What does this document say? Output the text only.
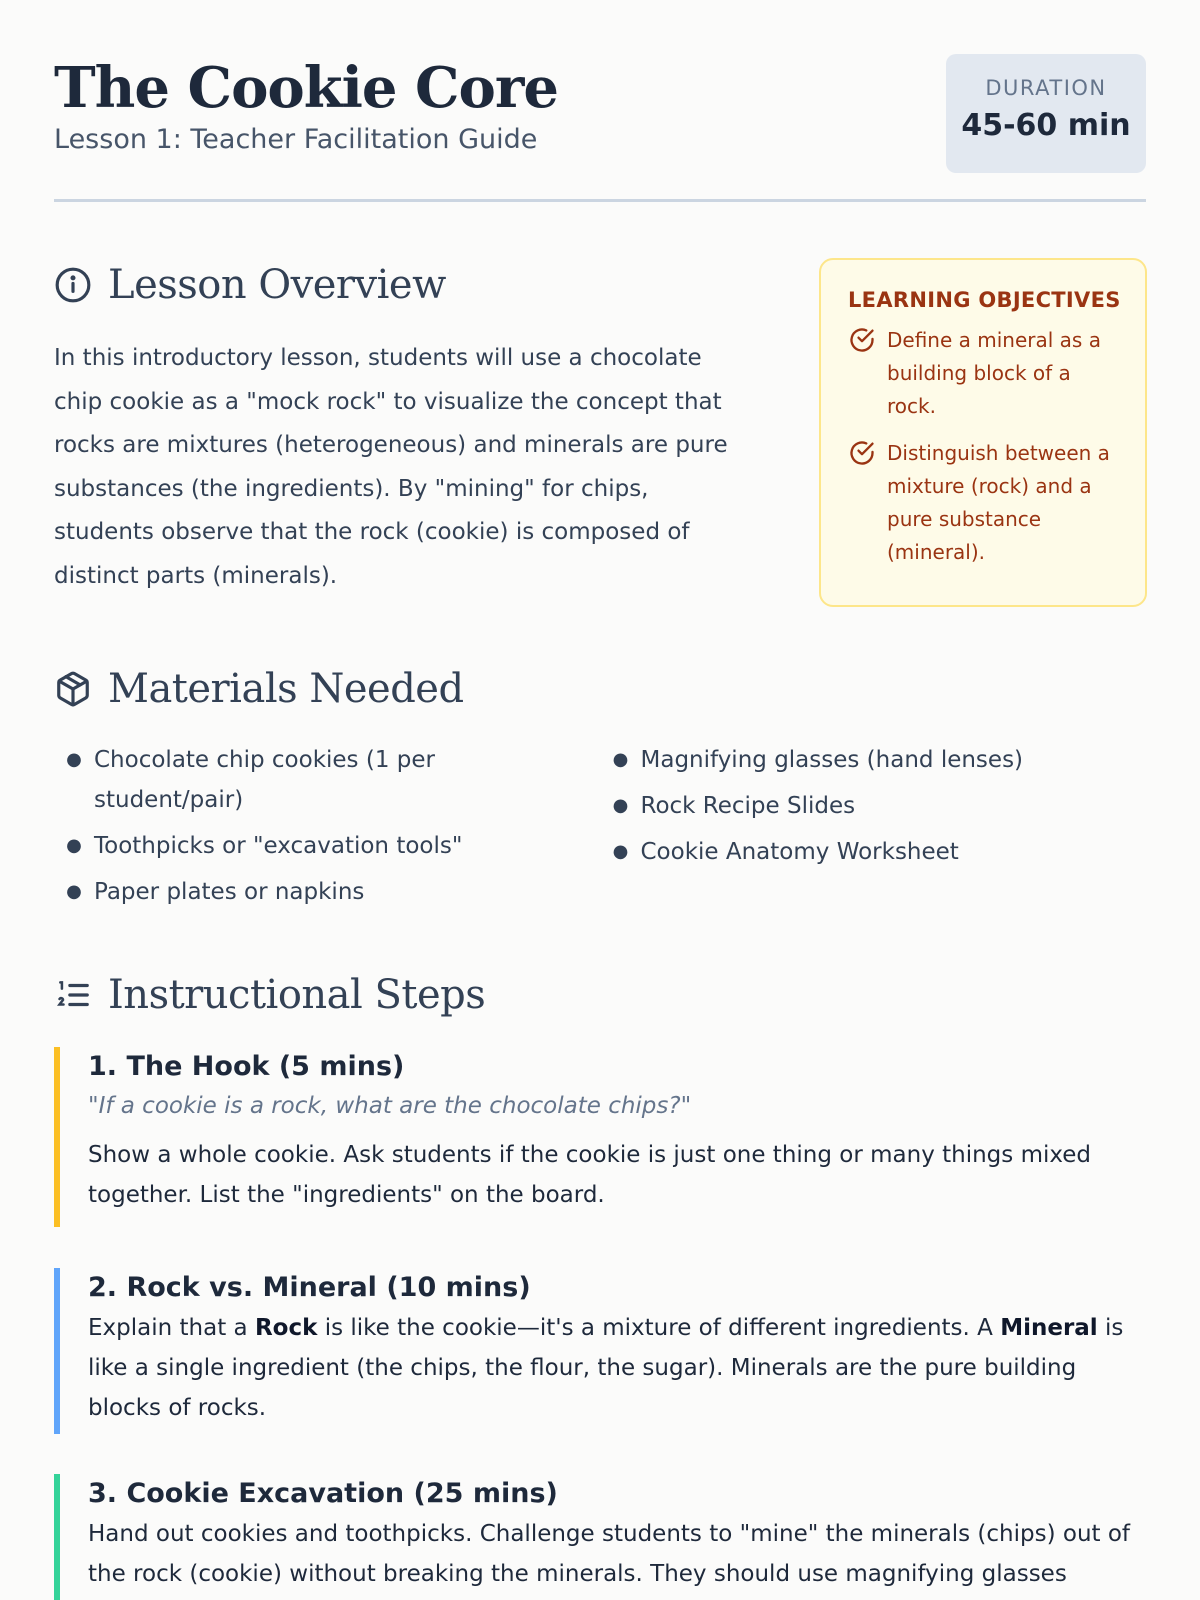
The Cookie Core
Lesson 1: Teacher Facilitation Guide
DURATION
45-60 min
Lesson Overview

In this introductory lesson, students will use a chocolate chip cookie as a "mock rock" to visualize the concept that rocks are mixtures (heterogeneous) and minerals are pure substances (the ingredients). By "mining" for chips, students observe that the rock (cookie) is composed of distinct parts (minerals).

LEARNING OBJECTIVES
Define a mineral as a building block of a rock.
Distinguish between a mixture (rock) and a pure substance (mineral).
Materials Needed
● Chocolate chip cookies (1 per student/pair)
● Toothpicks or "excavation tools"
● Paper plates or napkins
● Magnifying glasses (hand lenses)
● Rock Recipe Slides
● Cookie Anatomy Worksheet
Instructional Steps
1. The Hook (5 mins)
"If a cookie is a rock, what are the chocolate chips?"
Show a whole cookie. Ask students if the cookie is just one thing or many things mixed together. List the "ingredients" on the board.
2. Rock vs. Mineral (10 mins)
Explain that a Rock is like the cookie—it's a mixture of different ingredients. A Mineral is like a single ingredient (the chips, the flour, the sugar). Minerals are the pure building blocks of rocks.
3. Cookie Excavation (25 mins)
Hand out cookies and toothpicks. Challenge students to "mine" the minerals (chips) out of the rock (cookie) without breaking the minerals. They should use magnifying glasses
